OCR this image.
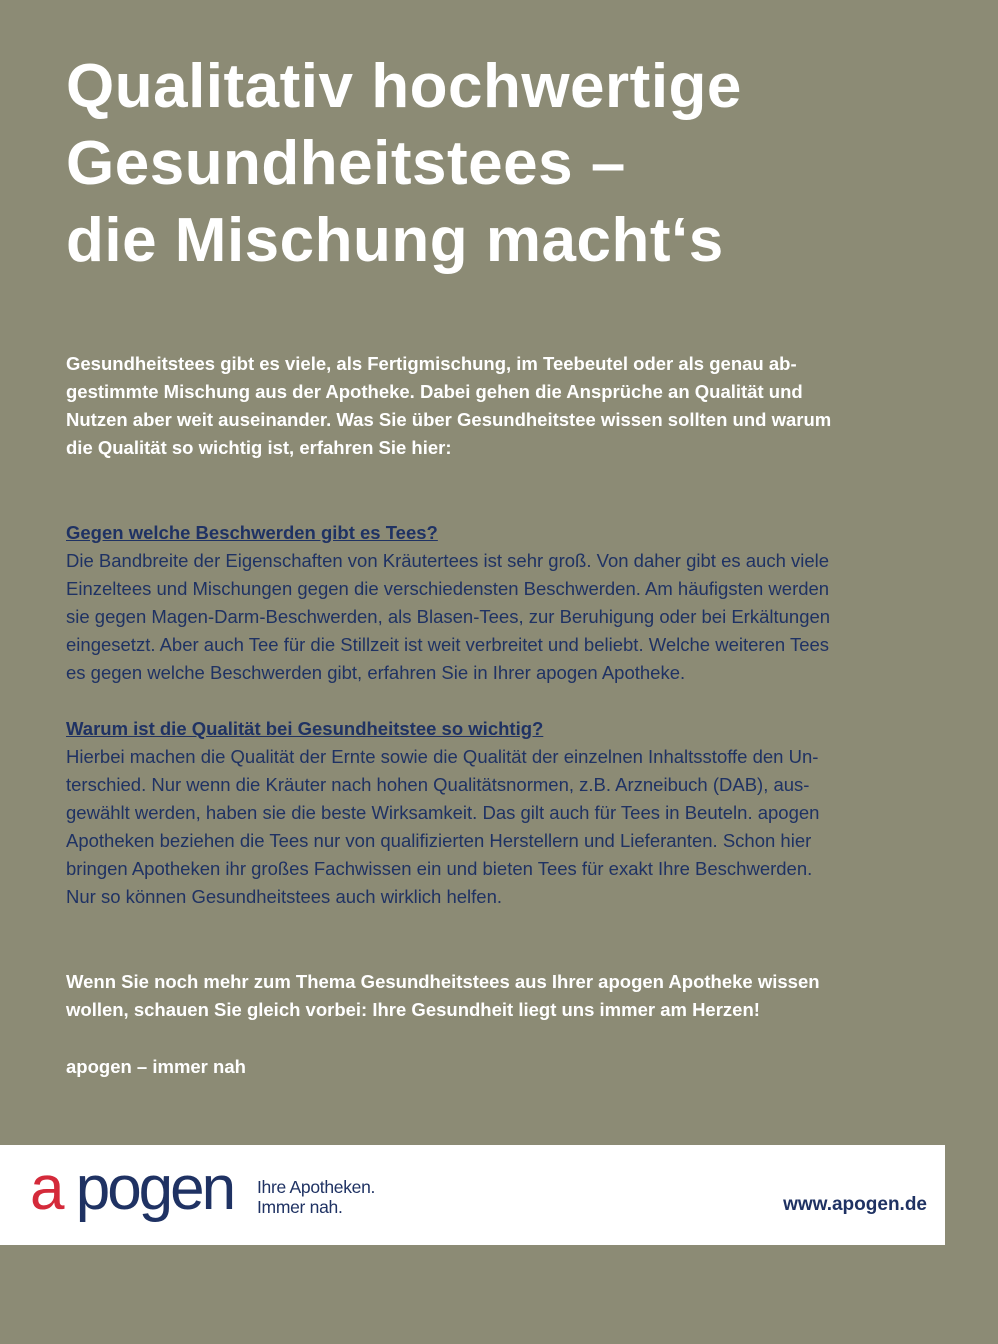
Qualitativ hochwertige
Gesundheitstees –
die Mischung macht‘s
Gesundheitstees gibt es viele, als Fertigmischung, im Teebeutel oder als genau ab-
gestimmte Mischung aus der Apotheke. Dabei gehen die Ansprüche an Qualität und
Nutzen aber weit auseinander. Was Sie über Gesundheitstee wissen sollten und warum
die Qualität so wichtig ist, erfahren Sie hier:
Gegen welche Beschwerden gibt es Tees?
Die Bandbreite der Eigenschaften von Kräutertees ist sehr groß. Von daher gibt es auch viele
Einzeltees und Mischungen gegen die verschiedensten Beschwerden. Am häufigsten werden
sie gegen Magen-Darm-Beschwerden, als Blasen-Tees, zur Beruhigung oder bei Erkältungen
eingesetzt. Aber auch Tee für die Stillzeit ist weit verbreitet und beliebt. Welche weiteren Tees
es gegen welche Beschwerden gibt, erfahren Sie in Ihrer apogen Apotheke.
Warum ist die Qualität bei Gesundheitstee so wichtig?
Hierbei machen die Qualität der Ernte sowie die Qualität der einzelnen Inhaltsstoffe den Un-
terschied. Nur wenn die Kräuter nach hohen Qualitätsnormen, z.B. Arzneibuch (DAB), aus-
gewählt werden, haben sie die beste Wirksamkeit. Das gilt auch für Tees in Beuteln. apogen
Apotheken beziehen die Tees nur von qualifizierten Herstellern und Lieferanten. Schon hier
bringen Apotheken ihr großes Fachwissen ein und bieten Tees für exakt Ihre Beschwerden.
Nur so können Gesundheitstees auch wirklich helfen.
Wenn Sie noch mehr zum Thema Gesundheitstees aus Ihrer apogen Apotheke wissen
wollen, schauen Sie gleich vorbei: Ihre Gesundheit liegt uns immer am Herzen!
apogen – immer nah
a pogen Ihre Apotheken.
Immer nah.	www.apogen.de
